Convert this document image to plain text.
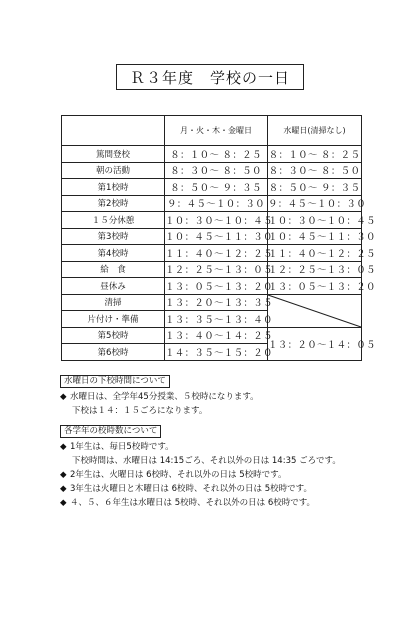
Ｒ３年度　学校の一日
	月・火・木・金曜日	水曜日(清掃なし)
篤間登校	８：１０～ ８：２５	８：１０～ ８：２５
朝の活動	８：３０～ ８：５０	８：３０～ ８：５０
第1校時	８：５０～ ９：３５	８：５０～ ９：３５
第2校時	９：４５～１０：３０	９：４５～１０：３０
１５分休憩	１０：３０～１０：４５	１０：３０～１０：４５
第3校時	１０：４５～１１：３０	１０：４５～１１：３０
第4校時	１１：４０～１２：２５	１１：４０～１２：２５
給　食	１２：２５～１３：０５	１２：２５～１３：０５
昼休み	１３：０５～１３：２０	１３：０５～１３：２０
清掃	１３：２０～１３：３５	

片付け・準備	１３：３５～１３：４０	
第5校時	１３：４０～１４：２５	１３：２０～１４：０５
第6校時	１４：３５～１５：２０	
水曜日の下校時間について
◆ 水曜日は、全学年45分授業、５校時になります。
下校は１４：１５ごろになります。
各学年の校時数について
◆ 1年生は、毎日5校時です。
下校時間は、水曜日は 14:15ごろ、それ以外の日は 14:35 ごろです。
◆ 2年生は、火曜日は 6校時、それ以外の日は 5校時です。
◆ 3年生は火曜日と木曜日は 6校時、それ以外の日は 5校時です。
◆ ４、５、６年生は水曜日は 5校時、それ以外の日は 6校時です。
